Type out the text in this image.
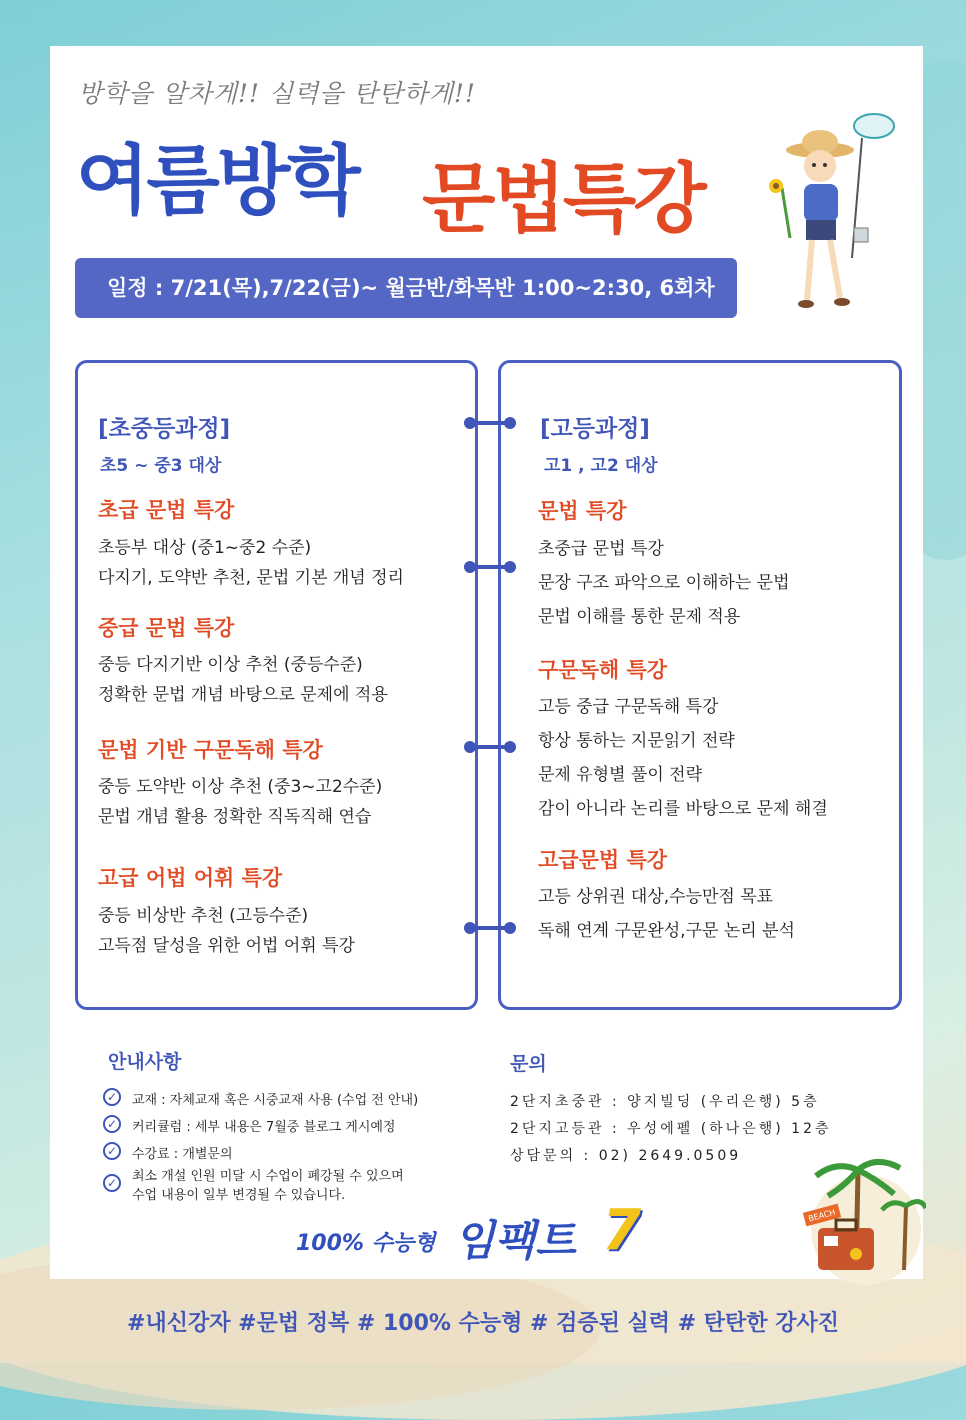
방학을 알차게!! 실력을 탄탄하게!!
여름방학 문법특강
일정 : 7/21(목),7/22(금)~ 월금반/화목반 1:00~2:30, 6회차
[초중등과정]
초5 ~ 중3 대상
초급 문법 특강
초등부 대상 (중1~중2 수준)
다지기, 도약반 추천, 문법 기본 개념 정리
중급 문법 특강
중등 다지기반 이상 추천 (중등수준)
정확한 문법 개념 바탕으로 문제에 적용
문법 기반 구문독해 특강
중등 도약반 이상 추천 (중3~고2수준)
문법 개념 활용 정확한 직독직해 연습
고급 어법 어휘 특강
중등 비상반 추천 (고등수준)
고득점 달성을 위한 어법 어휘 특강
[고등과정]
고1 , 고2 대상
문법 특강
초중급 문법 특강
문장 구조 파악으로 이해하는 문법
문법 이해를 통한 문제 적용
구문독해 특강
고등 중급 구문독해 특강
항상 통하는 지문읽기 전략
문제 유형별 풀이 전략
감이 아니라 논리를 바탕으로 문제 해결
고급문법 특강
고등 상위권 대상,수능만점 목표
독해 연계 구문완성,구문 논리 분석
안내사항
✓	교재 : 자체교재 혹은 시중교재 사용 (수업 전 안내)
✓	커리큘럼 : 세부 내용은 7월중 블로그 게시예정
✓	수강료 : 개별문의
✓	최소 개설 인원 미달 시 수업이 폐강될 수 있으며
수업 내용이 일부 변경될 수 있습니다.
문의
2단지초중관 : 양지빌딩 (우리은행) 5층
2단지고등관 : 우성에펠 (하나은행) 12층
상담문의 : 02) 2649.0509
BEACH
100% 수능형 임팩트 7
#내신강자 #문법 정복 # 100% 수능형 # 검증된 실력 # 탄탄한 강사진
